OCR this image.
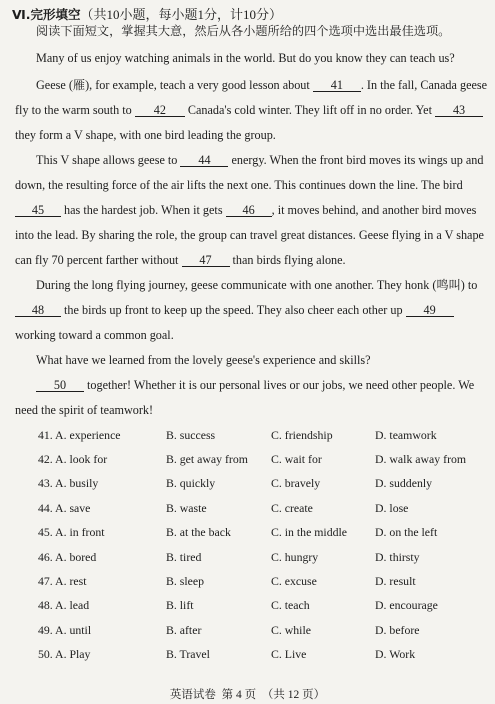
Ⅵ.完形填空（共10小题，每小题1分，计10分）
阅读下面短文，掌握其大意，然后从各小题所给的四个选项中选出最佳选项。
Many of us enjoy watching animals in the world. But do you know they can teach us?
Geese (雁), for example, teach a very good lesson about 41 . In the fall, Canada geese
fly to the warm south to 42 Canada's cold winter. They lift off in no order. Yet 43
they form a V shape, with one bird leading the group.
This V shape allows geese to 44 energy. When the front bird moves its wings up and
down, the resulting force of the air lifts the next one. This continues down the line. The bird
45 has the hardest job. When it gets 46 , it moves behind, and another bird moves
into the lead. By sharing the role, the group can travel great distances. Geese flying in a V shape
can fly 70 percent farther without 47 than birds flying alone.
During the long flying journey, geese communicate with one another. They honk (鸣叫) to
48 the birds up front to keep up the speed. They also cheer each other up 49
working toward a common goal.
What have we learned from the lovely geese's experience and skills?
50 together! Whether it is our personal lives or our jobs, we need other people. We
need the spirit of teamwork!
41. A. experience	B. success	C. friendship	D. teamwork
42. A. look for	B. get away from C. wait for	D. walk away from
43. A. busily	B. quickly	C. bravely	D. suddenly
44. A. save	B. waste	C. create	D. lose
45. A. in front	B. at the back	C. in the middle D. on the left
46. A. bored	B. tired	C. hungry	D. thirsty
47. A. rest	B. sleep	C. excuse	D. result
48. A. lead	B. lift	C. teach	D. encourage
49. A. until	B. after	C. while	D. before
50. A. Play	B. Travel	C. Live	D. Work
英语试卷 第 4 页 （共 12 页）
